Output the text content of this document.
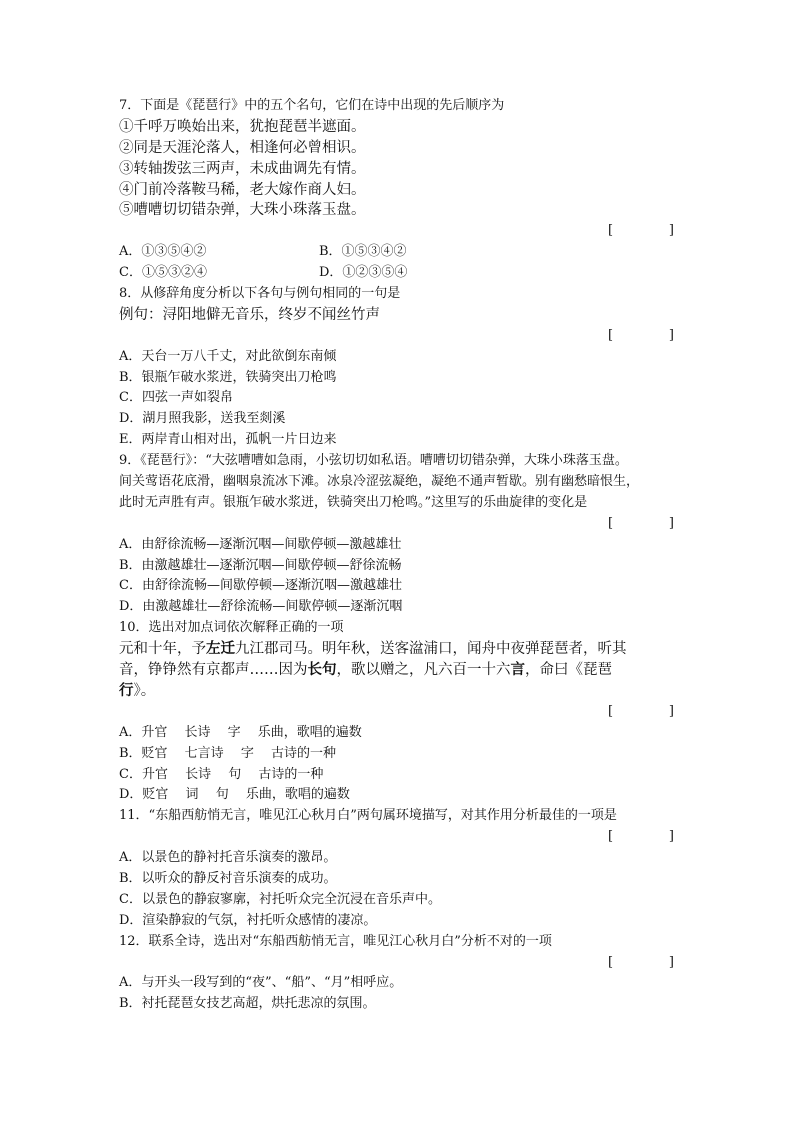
7．下面是《琵琶行》中的五个名句，它们在诗中出现的先后顺序为
①千呼万唤始出来，犹抱琵琶半遮面。
②同是天涯沦落人，相逢何必曾相识。
③转轴拨弦三两声，未成曲调先有情。
④门前冷落鞍马稀，老大嫁作商人妇。
⑤嘈嘈切切错杂弹，大珠小珠落玉盘。
[	]
A．①③⑤④②	B．①⑤③④②
C．①⑤③②④	D．①②③⑤④
8．从修辞角度分析以下各句与例句相同的一句是
例句：浔阳地僻无音乐，终岁不闻丝竹声
[	]
A．天台一万八千丈，对此欲倒东南倾
B．银瓶乍破水浆迸，铁骑突出刀枪鸣
C．四弦一声如裂帛
D．湖月照我影，送我至剡溪
E．两岸青山相对出，孤帆一片日边来
9．《琵琶行》：“大弦嘈嘈如急雨，小弦切切如私语。嘈嘈切切错杂弹，大珠小珠落玉盘。
间关莺语花底滑，幽咽泉流冰下滩。冰泉冷涩弦凝绝，凝绝不通声暂歇。别有幽愁暗恨生，
此时无声胜有声。银瓶乍破水浆迸，铁骑突出刀枪鸣。”这里写的乐曲旋律的变化是
[	]
A．由舒徐流畅—逐渐沉咽—间歇停顿—激越雄壮
B．由激越雄壮—逐渐沉咽—间歇停顿—舒徐流畅
C．由舒徐流畅—间歇停顿—逐渐沉咽—激越雄壮
D．由激越雄壮—舒徐流畅—间歇停顿—逐渐沉咽
10．选出对加点词依次解释正确的一项
元和十年，予左迁九江郡司马。明年秋，送客湓浦口，闻舟中夜弹琵琶者，听其
音，铮铮然有京都声……因为长句，歌以赠之，凡六百一十六言，命曰《琵琶
行》。
[	]
A．升官　 长诗　 字　 乐曲，歌唱的遍数
B．贬官　 七言诗　 字　 古诗的一种
C．升官　 长诗　 句　 古诗的一种
D．贬官　 词　 句　 乐曲，歌唱的遍数
11．“东船西舫悄无言，唯见江心秋月白”两句属环境描写，对其作用分析最佳的一项是
[	]
A．以景色的静衬托音乐演奏的激昂。
B．以听众的静反衬音乐演奏的成功。
C．以景色的静寂寥廓，衬托听众完全沉浸在音乐声中。
D．渲染静寂的气氛，衬托听众感情的凄凉。
12．联系全诗，选出对“东船西舫悄无言，唯见江心秋月白”分析不对的一项
[	]
A．与开头一段写到的“夜”、“船”、“月”相呼应。
B．衬托琵琶女技艺高超，烘托悲凉的氛围。
